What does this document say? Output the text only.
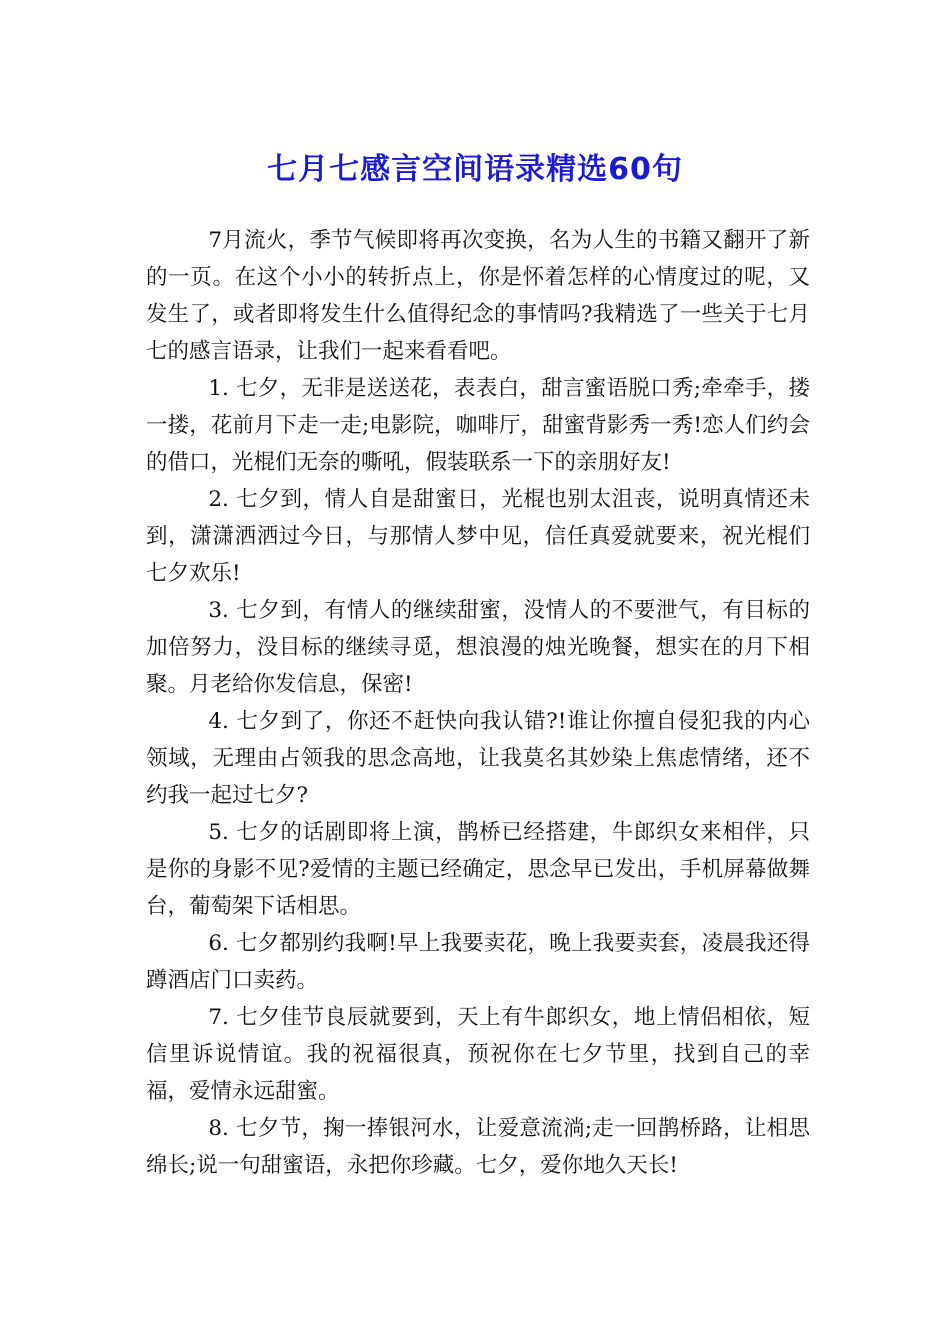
七月七感言空间语录精选60句

7月流火，季节气候即将再次变换，名为人生的书籍又翻开了新的一页。在这个小小的转折点上，你是怀着怎样的心情度过的呢，又发生了，或者即将发生什么值得纪念的事情吗?我精选了一些关于七月七的感言语录，让我们一起来看看吧。

1. 七夕，无非是送送花，表表白，甜言蜜语脱口秀;牵牵手，搂一搂，花前月下走一走;电影院，咖啡厅，甜蜜背影秀一秀!恋人们约会的借口，光棍们无奈的嘶吼，假装联系一下的亲朋好友!

2. 七夕到，情人自是甜蜜日，光棍也别太沮丧，说明真情还未到，潇潇洒洒过今日，与那情人梦中见，信任真爱就要来，祝光棍们七夕欢乐!

3. 七夕到，有情人的继续甜蜜，没情人的不要泄气，有目标的加倍努力，没目标的继续寻觅，想浪漫的烛光晚餐，想实在的月下相聚。月老给你发信息，保密!

4. 七夕到了，你还不赶快向我认错?!谁让你擅自侵犯我的内心领域，无理由占领我的思念高地，让我莫名其妙染上焦虑情绪，还不约我一起过七夕?

5. 七夕的话剧即将上演，鹊桥已经搭建，牛郎织女来相伴，只是你的身影不见?爱情的主题已经确定，思念早已发出，手机屏幕做舞台，葡萄架下话相思。

6. 七夕都别约我啊!早上我要卖花，晚上我要卖套，凌晨我还得蹲酒店门口卖药。

7. 七夕佳节良辰就要到，天上有牛郎织女，地上情侣相依，短信里诉说情谊。我的祝福很真，预祝你在七夕节里，找到自己的幸福，爱情永远甜蜜。

8. 七夕节，掬一捧银河水，让爱意流淌;走一回鹊桥路，让相思绵长;说一句甜蜜语，永把你珍藏。七夕，爱你地久天长!
